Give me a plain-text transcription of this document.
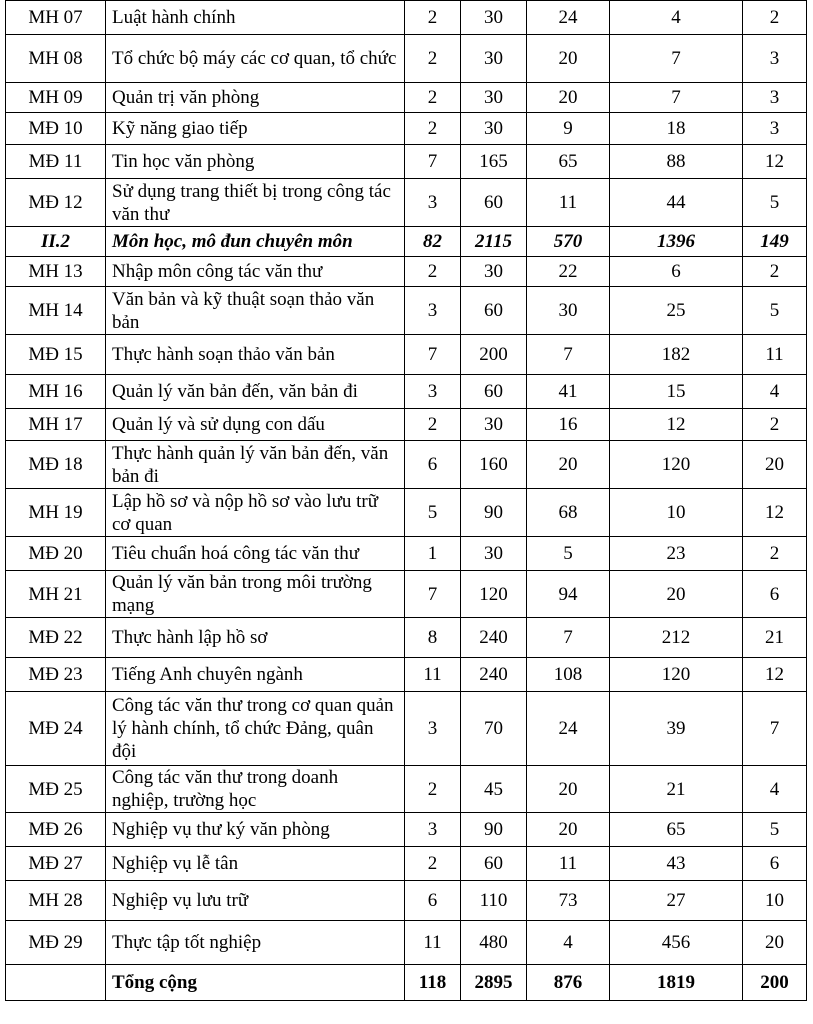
MH 07	Luật hành chính	2	30	24	4	2
MH 08	Tổ chức bộ máy các cơ quan, tổ chức	2	30	20	7	3
MH 09	Quản trị văn phòng	2	30	20	7	3
MĐ 10	Kỹ năng giao tiếp	2	30	9	18	3
MĐ 11	Tin học văn phòng	7	165	65	88	12
MĐ 12	Sử dụng trang thiết bị trong công tác văn thư	3	60	11	44	5
II.2	Môn học, mô đun chuyên môn	82	2115	570	1396	149
MH 13	Nhập môn công tác văn thư	2	30	22	6	2
MH 14	Văn bản và kỹ thuật soạn thảo văn bản	3	60	30	25	5
MĐ 15	Thực hành soạn thảo văn bản	7	200	7	182	11
MH 16	Quản lý văn bản đến, văn bản đi	3	60	41	15	4
MH 17	Quản lý và sử dụng con dấu	2	30	16	12	2
MĐ 18	Thực hành quản lý văn bản đến, văn bản đi	6	160	20	120	20
MH 19	Lập hồ sơ và nộp hồ sơ vào lưu trữ cơ quan	5	90	68	10	12
MĐ 20	Tiêu chuẩn hoá công tác văn thư	1	30	5	23	2
MH 21	Quản lý văn bản trong môi trường mạng	7	120	94	20	6
MĐ 22	Thực hành lập hồ sơ	8	240	7	212	21
MĐ 23	Tiếng Anh chuyên ngành	11	240	108	120	12
MĐ 24	Công tác văn thư trong cơ quan quản lý hành chính, tổ chức Đảng, quân đội	3	70	24	39	7
MĐ 25	Công tác văn thư trong doanh nghiệp, trường học	2	45	20	21	4
MĐ 26	Nghiệp vụ thư ký văn phòng	3	90	20	65	5
MĐ 27	Nghiệp vụ lễ tân	2	60	11	43	6
MH 28	Nghiệp vụ lưu trữ	6	110	73	27	10
MĐ 29	Thực tập tốt nghiệp	11	480	4	456	20
	Tổng cộng	118	2895	876	1819	200
